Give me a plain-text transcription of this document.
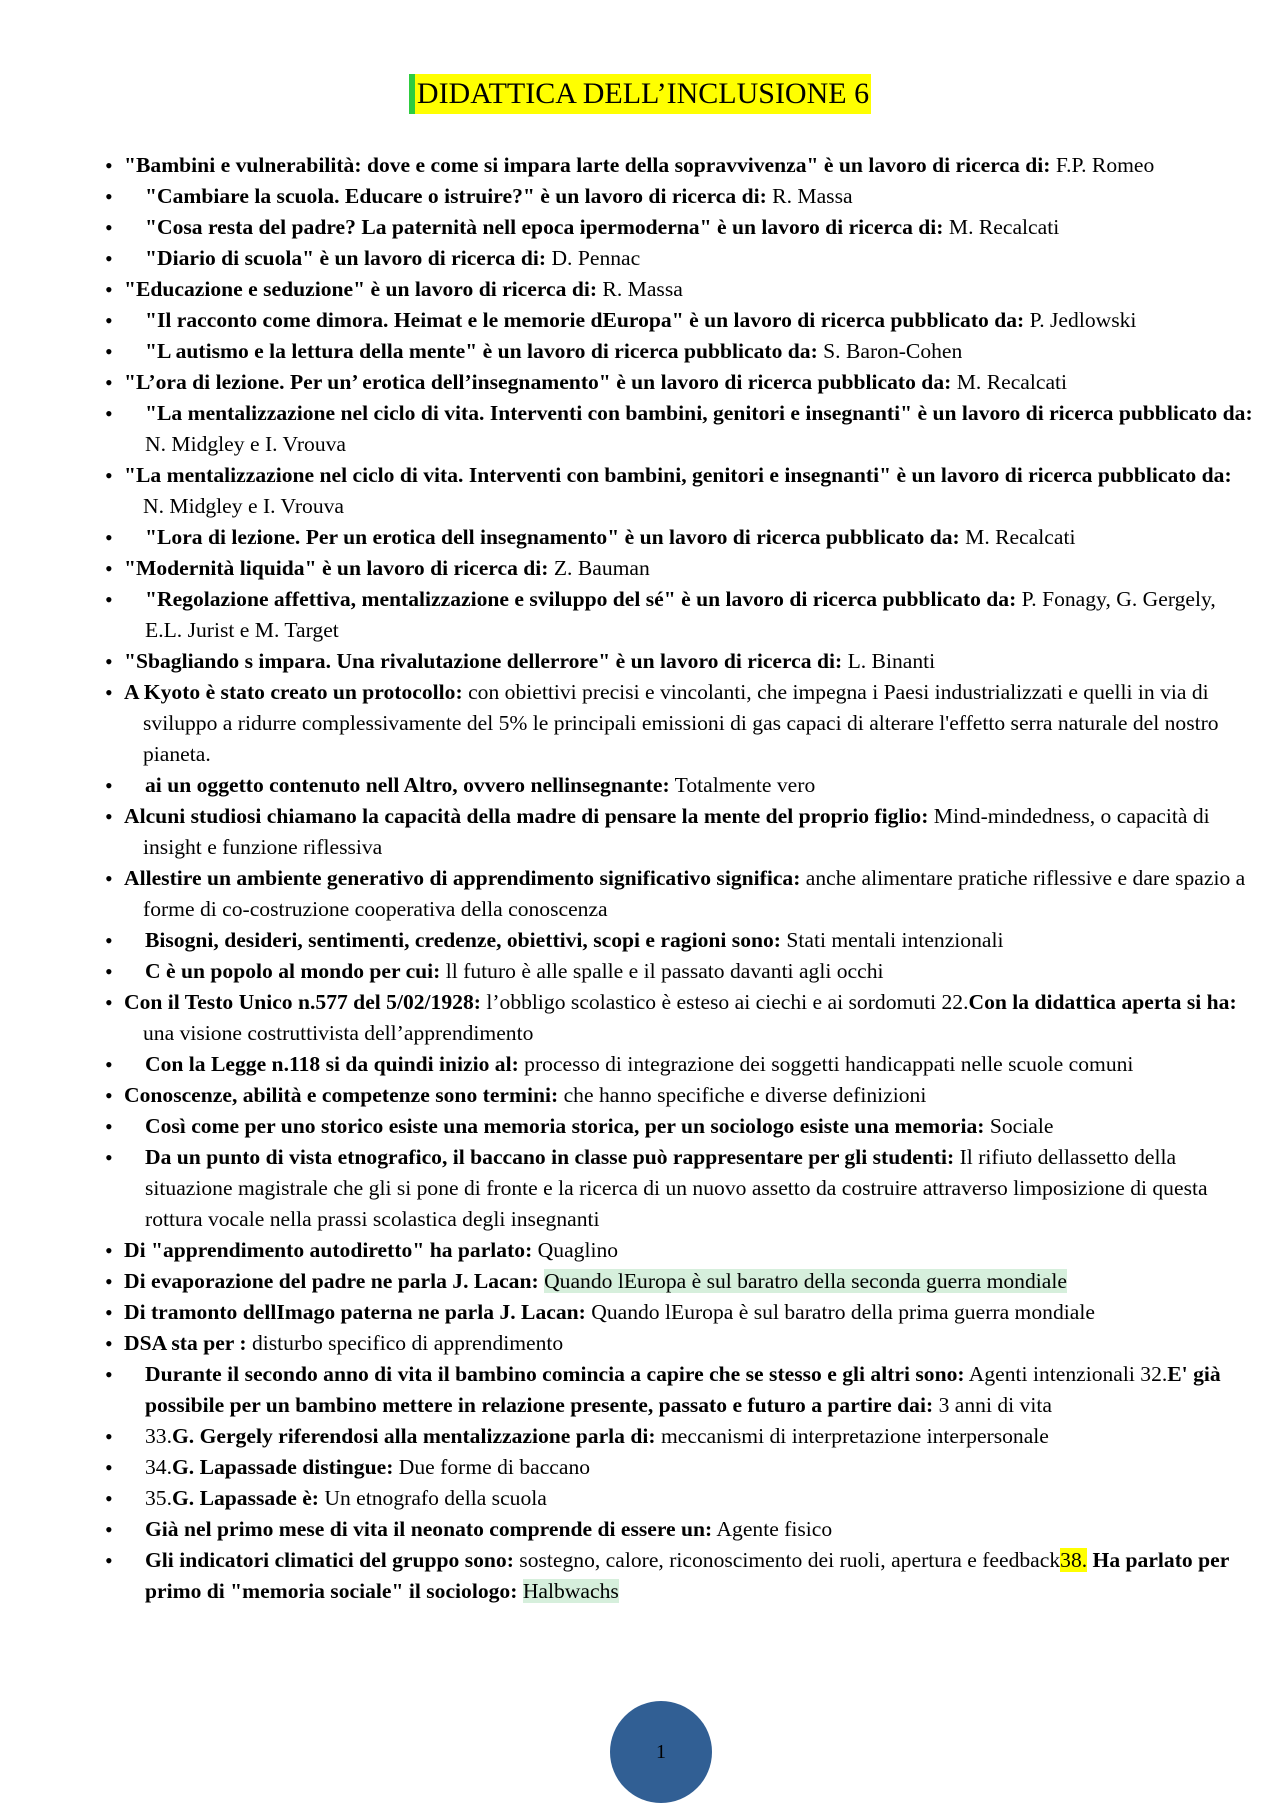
DIDATTICA DELL’INCLUSIONE 6
• "Bambini e vulnerabilità: dove e come si impara larte della sopravvivenza" è un lavoro di ricerca di: F.P. Romeo
•	"Cambiare la scuola. Educare o istruire?" è un lavoro di ricerca di: R. Massa
•	"Cosa resta del padre? La paternità nell epoca ipermoderna" è un lavoro di ricerca di: M. Recalcati
•	"Diario di scuola" è un lavoro di ricerca di: D. Pennac
• "Educazione e seduzione" è un lavoro di ricerca di: R. Massa
•	"Il racconto come dimora. Heimat e le memorie dEuropa" è un lavoro di ricerca pubblicato da: P. Jedlowski
•	"L autismo e la lettura della mente" è un lavoro di ricerca pubblicato da: S. Baron-Cohen
• "L’ora di lezione. Per un’ erotica dell’insegnamento" è un lavoro di ricerca pubblicato da: M. Recalcati
•	"La mentalizzazione nel ciclo di vita. Interventi con bambini, genitori e insegnanti" è un lavoro di ricerca pubblicato da: N. Midgley e I. Vrouva
• "La mentalizzazione nel ciclo di vita. Interventi con bambini, genitori e insegnanti" è un lavoro di ricerca pubblicato da: N. Midgley e I. Vrouva
•	"Lora di lezione. Per un erotica dell insegnamento" è un lavoro di ricerca pubblicato da: M. Recalcati
• "Modernità liquida" è un lavoro di ricerca di: Z. Bauman
•	"Regolazione affettiva, mentalizzazione e sviluppo del sé" è un lavoro di ricerca pubblicato da: P. Fonagy, G. Gergely, E.L. Jurist e M. Target
• "Sbagliando s impara. Una rivalutazione dellerrore" è un lavoro di ricerca di: L. Binanti
• A Kyoto è stato creato un protocollo: con obiettivi precisi e vincolanti, che impegna i Paesi industrializzati e quelli in via di sviluppo a ridurre complessivamente del 5% le principali emissioni di gas capaci di alterare l'effetto serra naturale del nostro pianeta.
•	ai un oggetto contenuto nell Altro, ovvero nellinsegnante: Totalmente vero
• Alcuni studiosi chiamano la capacità della madre di pensare la mente del proprio figlio: Mind-mindedness, o capacità di insight e funzione riflessiva
• Allestire un ambiente generativo di apprendimento significativo significa: anche alimentare pratiche riflessive e dare spazio a forme di co-costruzione cooperativa della conoscenza
•	Bisogni, desideri, sentimenti, credenze, obiettivi, scopi e ragioni sono: Stati mentali intenzionali
•	C è un popolo al mondo per cui: ll futuro è alle spalle e il passato davanti agli occhi
• Con il Testo Unico n.577 del 5/02/1928: l’obbligo scolastico è esteso ai ciechi e ai sordomuti 22.Con la didattica aperta si ha: una visione costruttivista dell’apprendimento
•	Con la Legge n.118 si da quindi inizio al: processo di integrazione dei soggetti handicappati nelle scuole comuni
• Conoscenze, abilità e competenze sono termini: che hanno specifiche e diverse definizioni
•	Così come per uno storico esiste una memoria storica, per un sociologo esiste una memoria: Sociale
•	Da un punto di vista etnografico, il baccano in classe può rappresentare per gli studenti: Il rifiuto dellassetto della situazione magistrale che gli si pone di fronte e la ricerca di un nuovo assetto da costruire attraverso limposizione di questa rottura vocale nella prassi scolastica degli insegnanti
• Di "apprendimento autodiretto" ha parlato: Quaglino
• Di evaporazione del padre ne parla J. Lacan: Quando lEuropa è sul baratro della seconda guerra mondiale
• Di tramonto dellImago paterna ne parla J. Lacan: Quando lEuropa è sul baratro della prima guerra mondiale
• DSA sta per : disturbo specifico di apprendimento
•	Durante il secondo anno di vita il bambino comincia a capire che se stesso e gli altri sono: Agenti intenzionali 32.E' già possibile per un bambino mettere in relazione presente, passato e futuro a partire dai: 3 anni di vita
•	33.G. Gergely riferendosi alla mentalizzazione parla di: meccanismi di interpretazione interpersonale
•	34.G. Lapassade distingue: Due forme di baccano
•	35.G. Lapassade è: Un etnografo della scuola
•	Già nel primo mese di vita il neonato comprende di essere un: Agente fisico
•	Gli indicatori climatici del gruppo sono: sostegno, calore, riconoscimento dei ruoli, apertura e feedback38. Ha parlato per primo di "memoria sociale" il sociologo: Halbwachs
1
